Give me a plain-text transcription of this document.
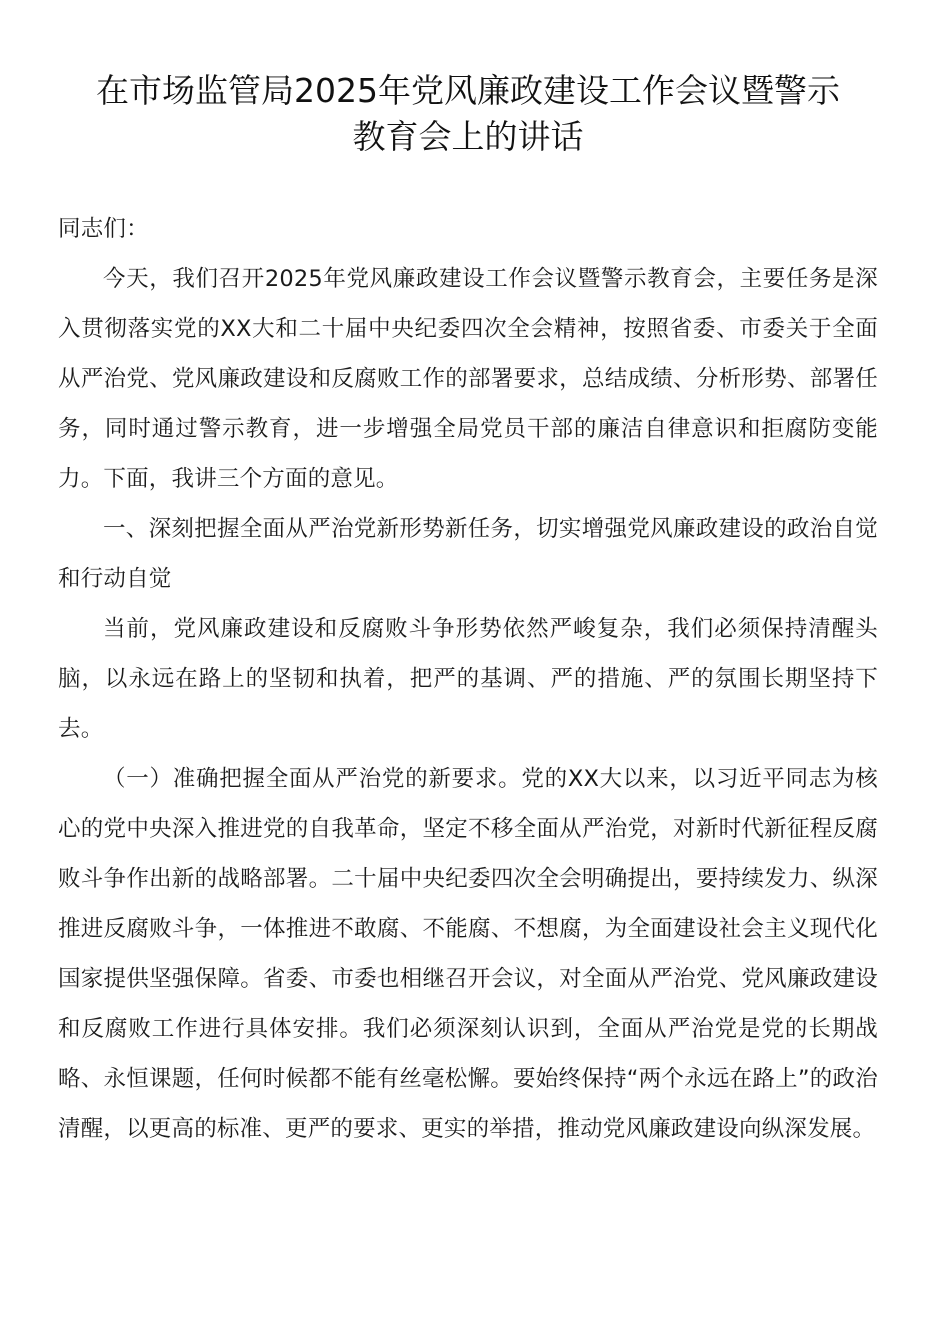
在市场监管局2025年党风廉政建设工作会议暨警示
教育会上的讲话

同志们：

今天，我们召开2025年党风廉政建设工作会议暨警示教育会，主要任务是深入贯彻落实党的XX大和二十届中央纪委四次全会精神，按照省委、市委关于全面从严治党、党风廉政建设和反腐败工作的部署要求，总结成绩、分析形势、部署任务，同时通过警示教育，进一步增强全局党员干部的廉洁自律意识和拒腐防变能力。下面，我讲三个方面的意见。

一、深刻把握全面从严治党新形势新任务，切实增强党风廉政建设的政治自觉和行动自觉

当前，党风廉政建设和反腐败斗争形势依然严峻复杂，我们必须保持清醒头脑，以永远在路上的坚韧和执着，把严的基调、严的措施、严的氛围长期坚持下去。

（一）准确把握全面从严治党的新要求。党的XX大以来，以习近平同志为核心的党中央深入推进党的自我革命，坚定不移全面从严治党，对新时代新征程反腐败斗争作出新的战略部署。二十届中央纪委四次全会明确提出，要持续发力、纵深推进反腐败斗争，一体推进不敢腐、不能腐、不想腐，为全面建设社会主义现代化国家提供坚强保障。省委、市委也相继召开会议，对全面从严治党、党风廉政建设和反腐败工作进行具体安排。我们必须深刻认识到，全面从严治党是党的长期战略、永恒课题，任何时候都不能有丝毫松懈。要始终保持“两个永远在路上”的政治清醒，以更高的标准、更严的要求、更实的举措，推动党风廉政建设向纵深发展。
